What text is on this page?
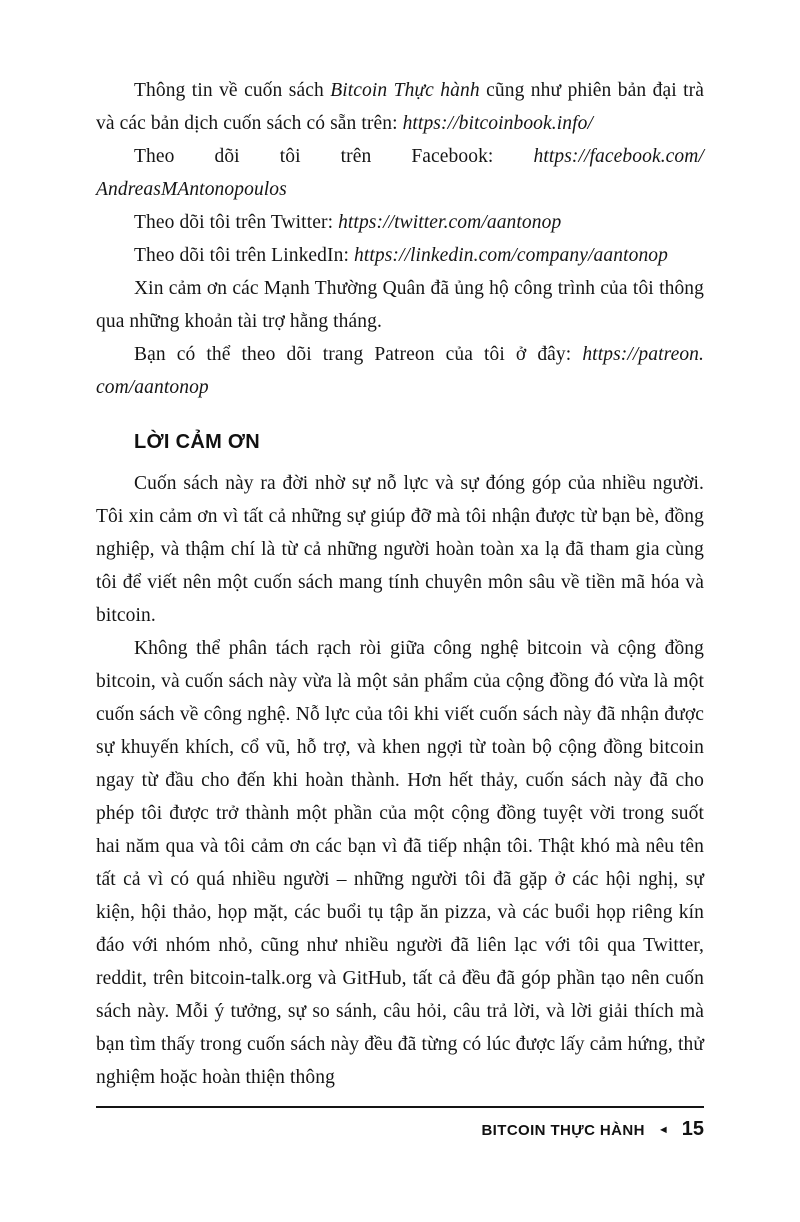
Thông tin về cuốn sách Bitcoin Thực hành cũng như phiên bản đại trà và các bản dịch cuốn sách có sẵn trên: https://bitcoinbook.info/

Theo dõi tôi trên Facebook: https://facebook.com/AndreasMAntonopoulos

Theo dõi tôi trên Twitter: https://twitter.com/aantonop

Theo dõi tôi trên LinkedIn: https://linkedin.com/company/aantonop

Xin cảm ơn các Mạnh Thường Quân đã ủng hộ công trình của tôi thông qua những khoản tài trợ hằng tháng.

Bạn có thể theo dõi trang Patreon của tôi ở đây: https://patreon.com/aantonop

LỜI CẢM ƠN

Cuốn sách này ra đời nhờ sự nỗ lực và sự đóng góp của nhiều người. Tôi xin cảm ơn vì tất cả những sự giúp đỡ mà tôi nhận được từ bạn bè, đồng nghiệp, và thậm chí là từ cả những người hoàn toàn xa lạ đã tham gia cùng tôi để viết nên một cuốn sách mang tính chuyên môn sâu về tiền mã hóa và bitcoin.

Không thể phân tách rạch ròi giữa công nghệ bitcoin và cộng đồng bitcoin, và cuốn sách này vừa là một sản phẩm của cộng đồng đó vừa là một cuốn sách về công nghệ. Nỗ lực của tôi khi viết cuốn sách này đã nhận được sự khuyến khích, cổ vũ, hỗ trợ, và khen ngợi từ toàn bộ cộng đồng bitcoin ngay từ đầu cho đến khi hoàn thành. Hơn hết thảy, cuốn sách này đã cho phép tôi được trở thành một phần của một cộng đồng tuyệt vời trong suốt hai năm qua và tôi cảm ơn các bạn vì đã tiếp nhận tôi. Thật khó mà nêu tên tất cả vì có quá nhiều người – những người tôi đã gặp ở các hội nghị, sự kiện, hội thảo, họp mặt, các buổi tụ tập ăn pizza, và các buổi họp riêng kín đáo với nhóm nhỏ, cũng như nhiều người đã liên lạc với tôi qua Twitter, reddit, trên bitcoin-talk.org và GitHub, tất cả đều đã góp phần tạo nên cuốn sách này. Mỗi ý tưởng, sự so sánh, câu hỏi, câu trả lời, và lời giải thích mà bạn tìm thấy trong cuốn sách này đều đã từng có lúc được lấy cảm hứng, thử nghiệm hoặc hoàn thiện thông

BITCOIN THỰC HÀNH ◄ 15
